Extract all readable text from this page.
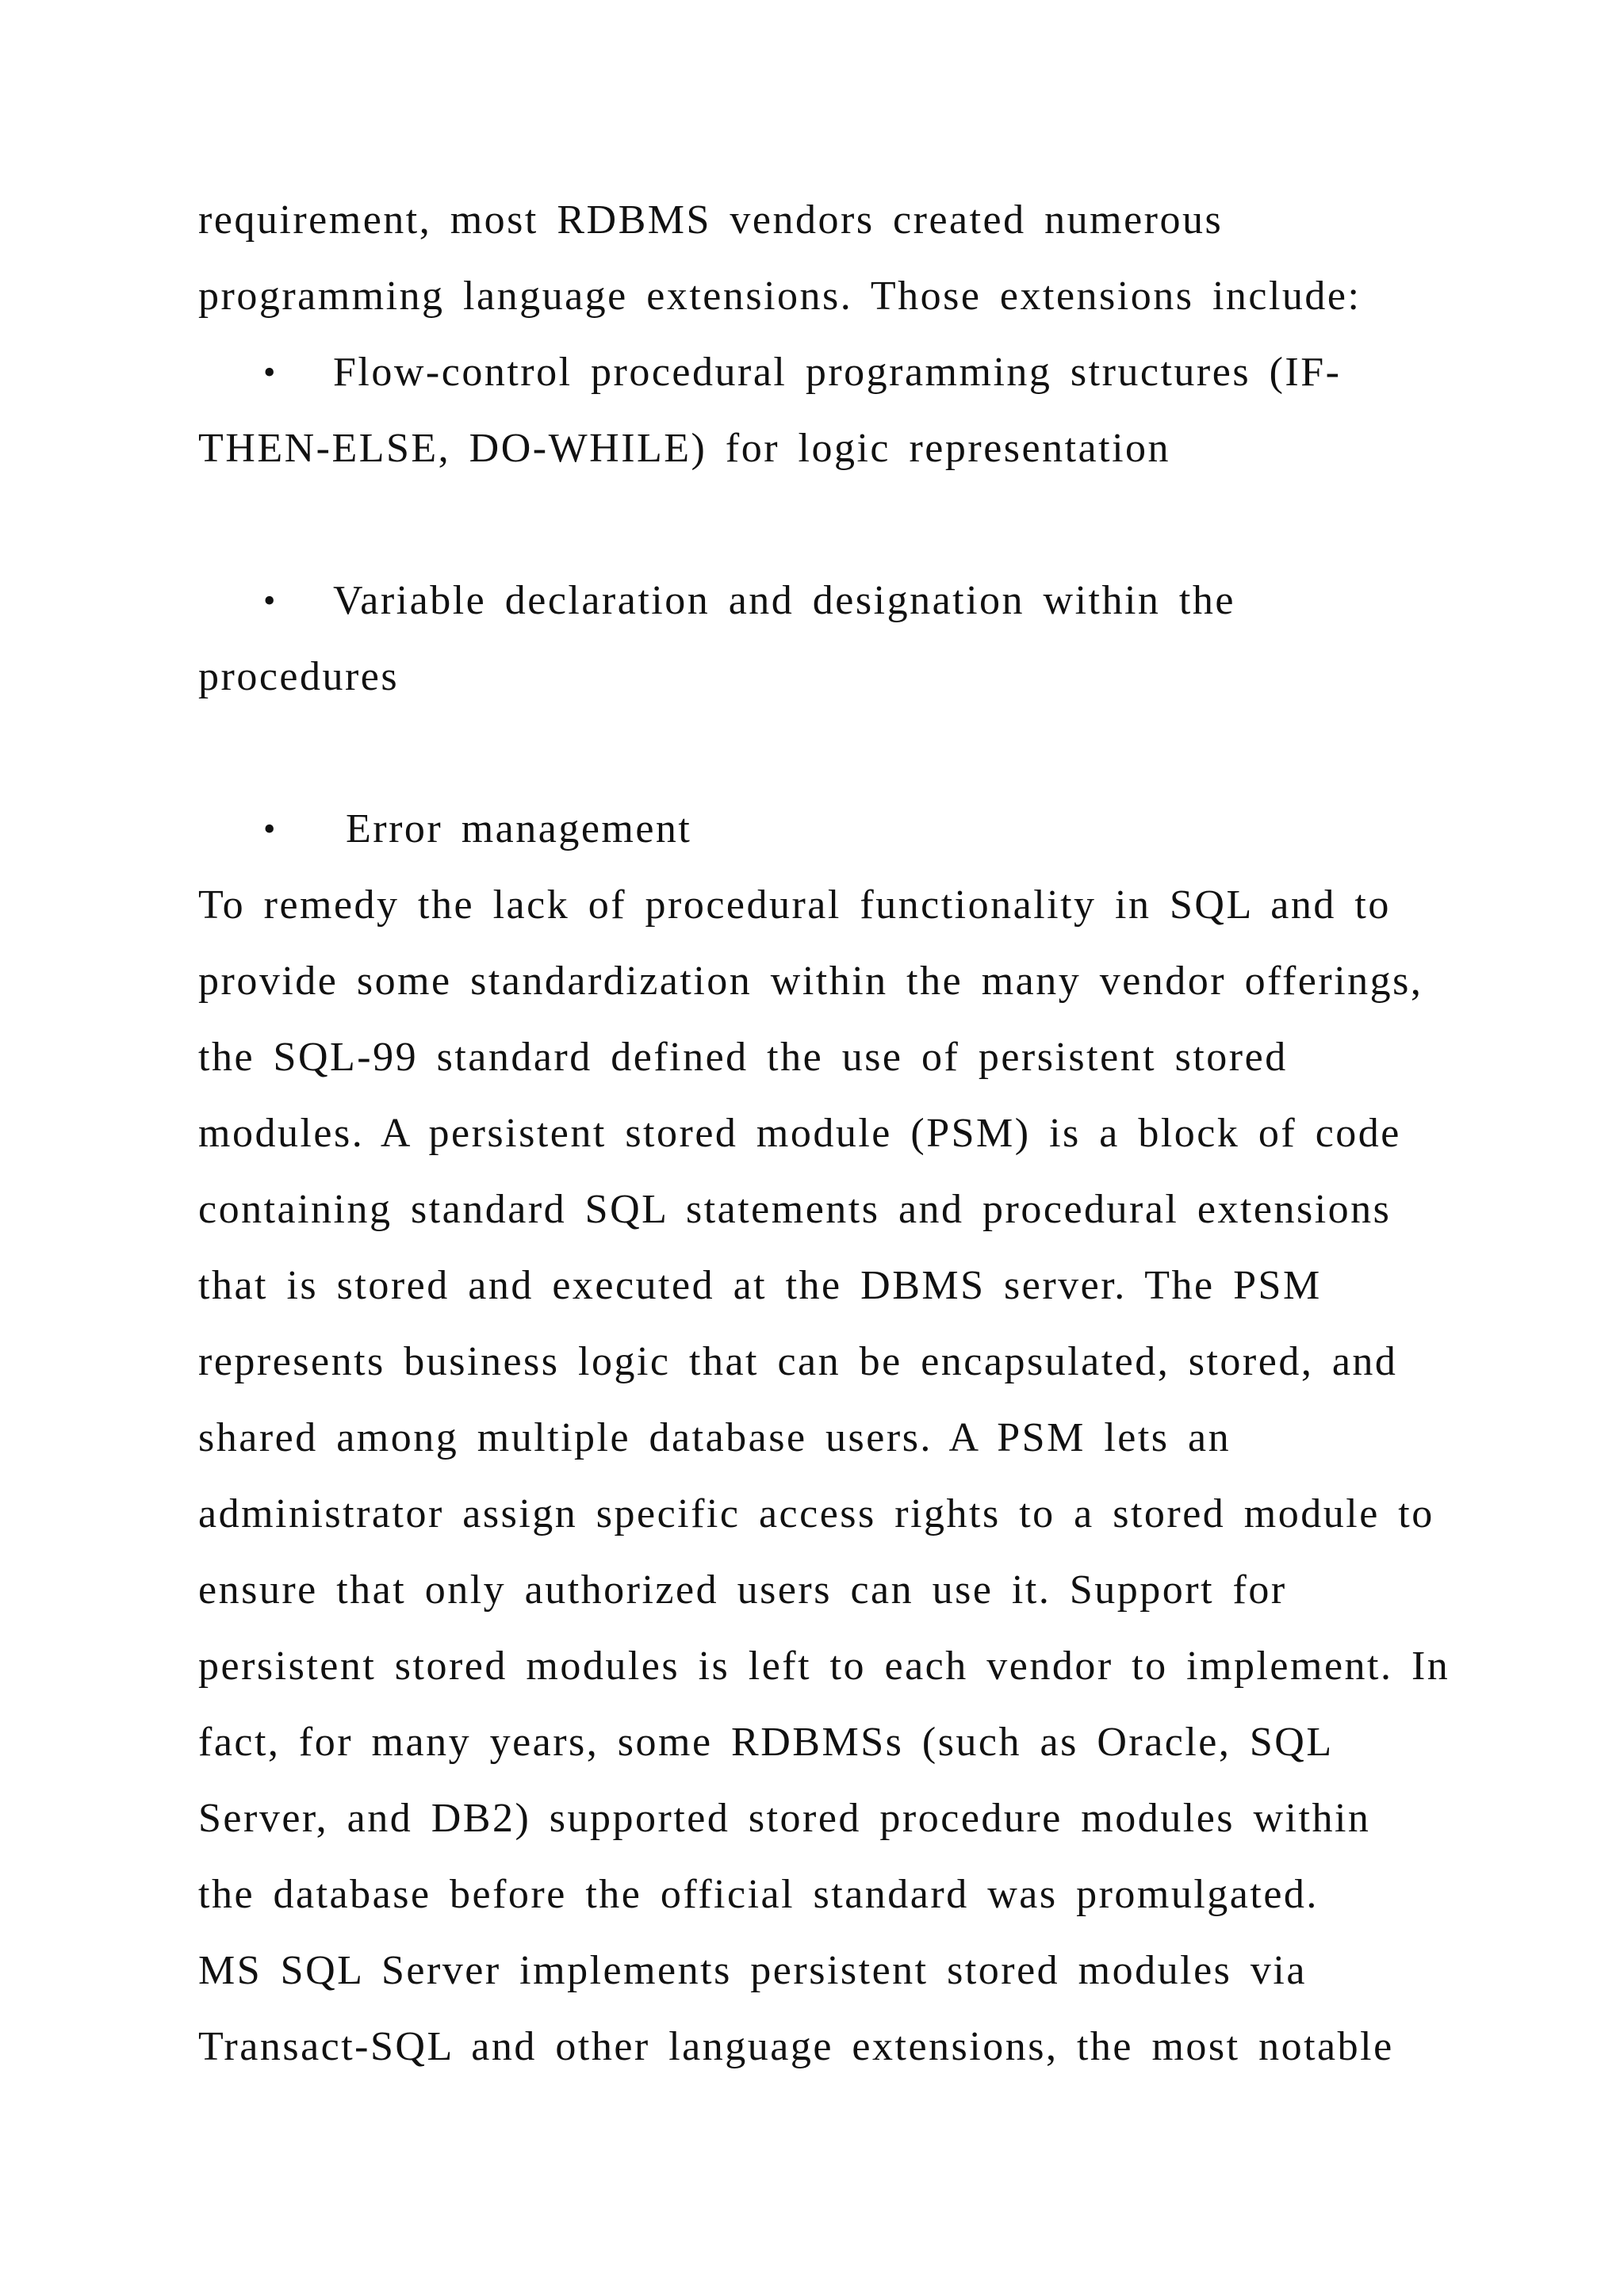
requirement, most RDBMS vendors created numerous
programming language extensions. Those extensions include:
• Flow-control procedural programming structures (IF-
THEN-ELSE, DO-WHILE) for logic representation
• Variable declaration and designation within the
procedures
• Error management
To remedy the lack of procedural functionality in SQL and to
provide some standardization within the many vendor offerings,
the SQL-99 standard defined the use of persistent stored
modules. A persistent stored module (PSM) is a block of code
containing standard SQL statements and procedural extensions
that is stored and executed at the DBMS server. The PSM
represents business logic that can be encapsulated, stored, and
shared among multiple database users. A PSM lets an
administrator assign specific access rights to a stored module to
ensure that only authorized users can use it. Support for
persistent stored modules is left to each vendor to implement. In
fact, for many years, some RDBMSs (such as Oracle, SQL
Server, and DB2) supported stored procedure modules within
the database before the official standard was promulgated.
MS SQL Server implements persistent stored modules via
Transact-SQL and other language extensions, the most notable
